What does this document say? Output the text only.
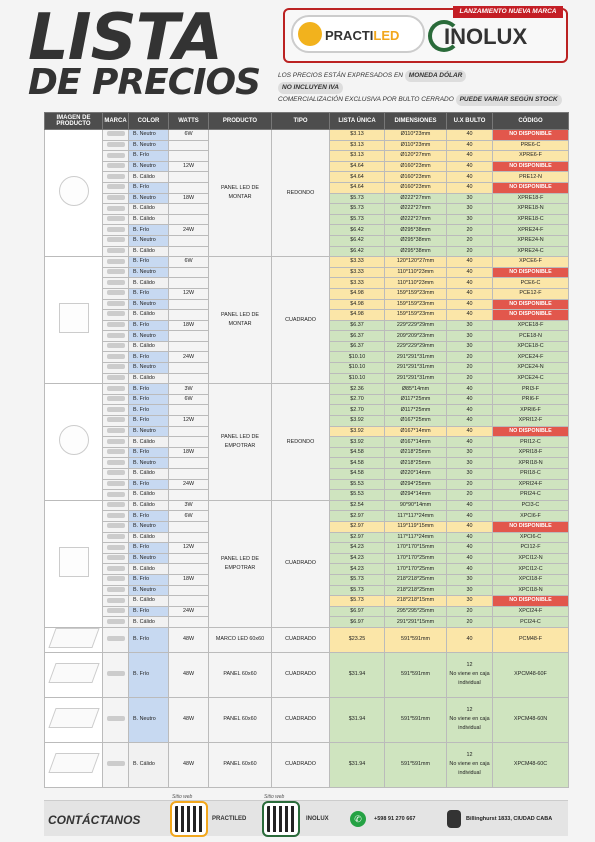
LISTA
DE PRECIOS
LANZAMIENTO NUEVA MARCA
PRACTILED INOLUX
LOS PRECIOS ESTÁN EXPRESADOS EN MONEDA DÓLAR
NO INCLUYEN IVA
COMERCIALIZACIÓN EXCLUSIVA POR BULTO CERRADO PUEDE VARIAR SEGÚN STOCK
IMAGEN DE PRODUCTO	MARCA	COLOR	WATTS	PRODUCTO	TIPO	LISTA ÚNICA	DIMENSIONES	U.X BULTO	CÓDIGO
		B. Neutro	6W	PANEL LED DE MONTAR	REDONDO	$3.13	Ø110*23mm	40	NO DISPONIBLE
		B. Neutro				$3.13	Ø110*23mm	40	PRE6-C
		B. Frío				$3.13	Ø120*27mm	40	XPRE6-F
		B. Neutro	12W			$4.64	Ø160*23mm	40	NO DISPONIBLE
		B. Cálido				$4.64	Ø160*23mm	40	PRE12-N
		B. Frío				$4.64	Ø160*23mm	40	NO DISPONIBLE
		B. Neutro	18W			$5.73	Ø222*27mm	30	XPRE18-F
		B. Cálido				$5.73	Ø222*27mm	30	XPRE18-N
		B. Cálido				$5.73	Ø222*27mm	30	XPRE18-C
		B. Frío	24W			$6.42	Ø295*38mm	20	XPRE24-F
		B. Neutro				$6.42	Ø295*38mm	20	XPRE24-N
		B. Cálido				$6.42	Ø295*38mm	20	XPRE24-C
		B. Frío	6W	PANEL LED DE MONTAR	CUADRADO	$3.33	120*120*27mm	40	XPCE6-F
		B. Neutro				$3.33	110*110*23mm	40	NO DISPONIBLE
		B. Cálido				$3.33	110*110*23mm	40	PCE6-C
		B. Frío	12W			$4.98	159*159*23mm	40	PCE12-F
		B. Neutro				$4.98	159*159*23mm	40	NO DISPONIBLE
		B. Cálido				$4.98	159*159*23mm	40	NO DISPONIBLE
		B. Frío	18W			$6.37	229*229*29mm	30	XPCE18-F
		B. Neutro				$6.37	209*209*23mm	30	PCE18-N
		B. Cálido				$6.37	229*229*29mm	30	XPCE18-C
		B. Frío	24W			$10.10	291*291*31mm	20	XPCE24-F
		B. Neutro				$10.10	291*291*31mm	20	XPCE24-N
		B. Cálido				$10.10	291*291*31mm	20	XPCE24-C
		B. Frío	3W	PANEL LED DE EMPOTRAR	REDONDO	$2.36	Ø85*14mm	40	PRI3-F
		B. Frío	6W			$2.70	Ø117*25mm	40	PRI6-F
		B. Frío				$2.70	Ø117*25mm	40	XPRI6-F
		B. Frío	12W			$3.92	Ø167*25mm	40	XPRI12-F
		B. Neutro				$3.92	Ø167*14mm	40	NO DISPONIBLE
		B. Cálido				$3.92	Ø167*14mm	40	PRI12-C
		B. Frío	18W			$4.58	Ø218*25mm	30	XPRI18-F
		B. Neutro				$4.58	Ø218*25mm	30	XPRI18-N
		B. Cálido				$4.58	Ø220*14mm	30	PRI18-C
		B. Frío	24W			$5.53	Ø294*25mm	20	XPRI24-F
		B. Cálido				$5.53	Ø294*14mm	20	PRI24-C
		B. Cálido	3W	PANEL LED DE EMPOTRAR	CUADRADO	$2.54	90*90*14mm	40	PCI3-C
		B. Frío	6W			$2.97	117*117*24mm	40	XPCI6-F
		B. Neutro				$2.97	119*119*15mm	40	NO DISPONIBLE
		B. Cálido				$2.97	117*117*24mm	40	XPCI6-C
		B. Frío	12W			$4.23	170*170*15mm	40	PCI12-F
		B. Neutro				$4.23	170*170*25mm	40	XPCI12-N
		B. Cálido				$4.23	170*170*25mm	40	XPCI12-C
		B. Frío	18W			$5.73	218*218*25mm	30	XPCI18-F
		B. Neutro				$5.73	218*218*25mm	30	XPCI18-N
		B. Cálido				$5.73	218*218*15mm	30	NO DISPONIBLE
		B. Frío	24W			$6.97	295*295*25mm	20	XPCI24-F
		B. Cálido				$6.97	291*291*15mm	20	PCI24-C
		B. Frío	48W	MARCO LED 60x60	CUADRADO	$23.25	591*591mm	40	PCM48-F
		B. Frío	48W	PANEL 60x60	CUADRADO	$31.94	591*591mm	12
No viene en caja individual	XPCM48-60F
		B. Neutro	48W	PANEL 60x60	CUADRADO	$31.94	591*591mm	12
No viene en caja individual	XPCM48-60N
		B. Cálido	48W	PANEL 60x60	CUADRADO	$31.94	591*591mm	12
No viene en caja individual	XPCM48-60C
CONTÁCTANOS
Sitio web
PRACTILED
Sitio web
INOLUX	✆	+598 91 270 667	Billinghurst 1833, CIUDAD CABA
